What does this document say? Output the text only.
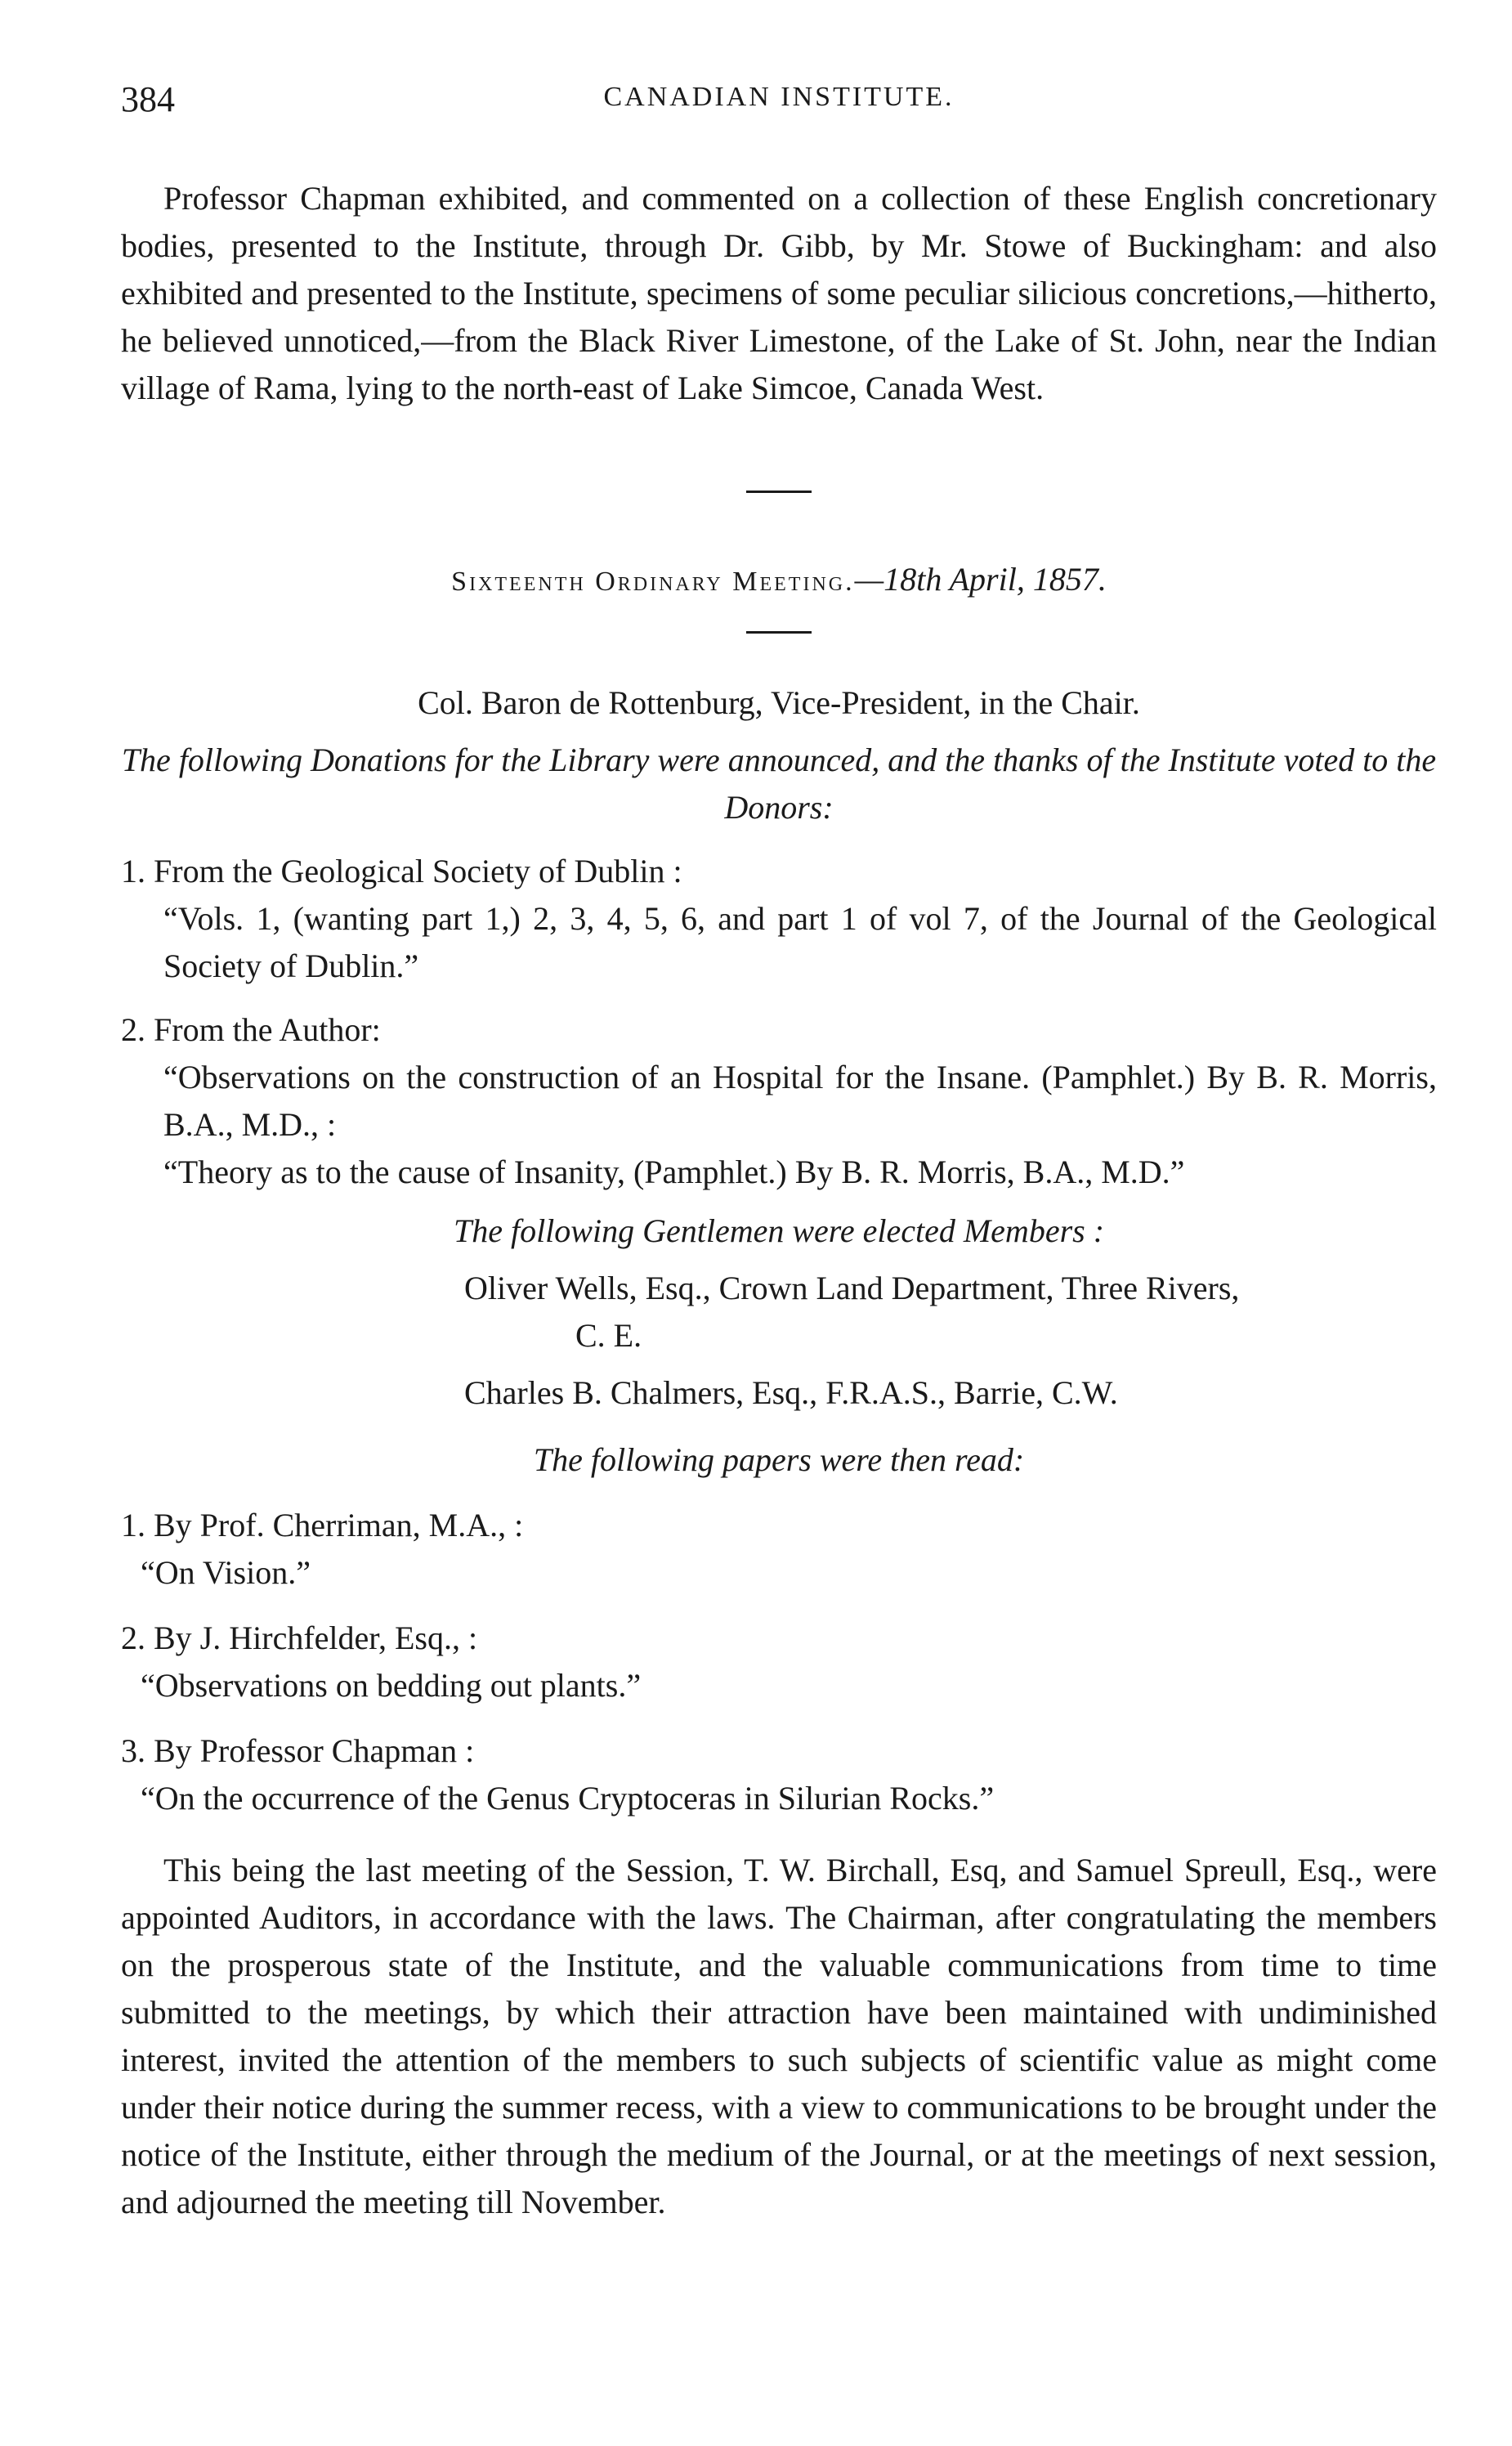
384	CANADIAN INSTITUTE.

Professor Chapman exhibited, and commented on a collection of these English concretionary bodies, presented to the Institute, through Dr. Gibb, by Mr. Stowe of Buckingham: and also exhibited and presented to the Institute, specimens of some peculiar silicious concretions,—hitherto, he believed unnoticed,—from the Black River Limestone, of the Lake of St. John, near the Indian village of Rama, lying to the north-east of Lake Simcoe, Canada West.

Sixteenth Ordinary Meeting.—18th April, 1857.
Col. Baron de Rottenburg, Vice-President, in the Chair.
The following Donations for the Library were announced, and the thanks of the Institute voted to the Donors:

1. From the Geological Society of Dublin :

“Vols. 1, (wanting part 1,) 2, 3, 4, 5, 6, and part 1 of vol 7, of the Journal of the Geological Society of Dublin.”

2. From the Author:

“Observations on the construction of an Hospital for the Insane. (Pamphlet.) By B. R. Morris, B.A., M.D., :

“Theory as to the cause of Insanity, (Pamphlet.) By B. R. Morris, B.A., M.D.”

The following Gentlemen were elected Members :
Oliver Wells, Esq., Crown Land Department, Three Rivers,
C. E.
Charles B. Chalmers, Esq., F.R.A.S., Barrie, C.W.
The following papers were then read:
1. By Prof. Cherriman, M.A., :
“On Vision.”
2. By J. Hirchfelder, Esq., :
“Observations on bedding out plants.”
3. By Professor Chapman :
“On the occurrence of the Genus Cryptoceras in Silurian Rocks.”

This being the last meeting of the Session, T. W. Birchall, Esq, and Samuel Spreull, Esq., were appointed Auditors, in accordance with the laws. The Chairman, after congratulating the members on the prosperous state of the Institute, and the valuable communications from time to time submitted to the meetings, by which their attraction have been maintained with undiminished interest, invited the attention of the members to such subjects of scientific value as might come under their notice during the summer recess, with a view to communications to be brought under the notice of the Institute, either through the medium of the Journal, or at the meetings of next session, and adjourned the meeting till November.
